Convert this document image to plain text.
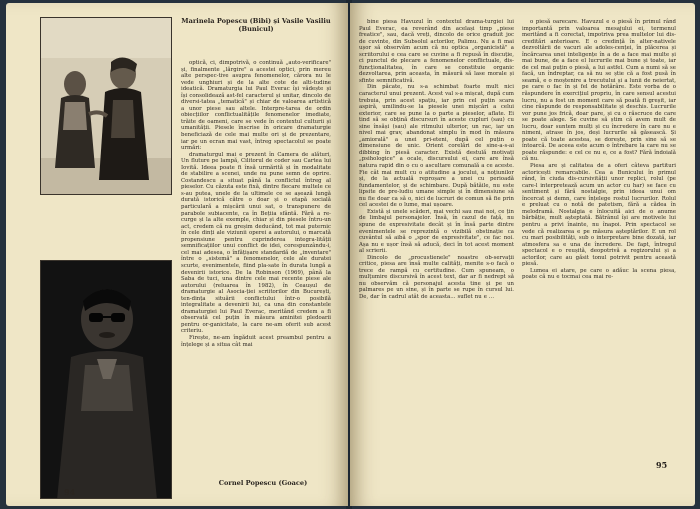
Marinela Popescu (Bibi) și Vasile Vasiliu (Bunicul)
Cornel Popescu (Goace)

optică, ci, dimpotrivă, o continuă „auto-verificare" și, finalmente „lărgire" a acestei optici, prin mereu alte perspec-tive asupra fenomenelor, cărora nu le vede unghiuri și de la alte cote de alti-tudine ideatică. Dramaturgia lui Paul Everac își vădește și își consolidează ast-fel caracterul și unitar, dincolo de diversi-tatea „tematică" și chiar de valoarea artistică a unor piese sau altele. Interpre-tarea de ordin obiecțiilor conflictualitățile fenomenelor imediate, trăite de oameni, care se vede în contextul culturii și umanității. Piesele înscrise în oricare dramaturgie beneficiază de cele mai multe ori și de prezentare, iar pe un ecran mai vast, întreg spectacolul se poate urmări:

dramaturgul mai e prezent în Camera de alături, Un fluture pe lampă, Cilitorul de coder sau Cartea lui Iovită. Ideea poate fi însă urmărită și în modalitate de stabilire a scenei, unde nu pune semn de oprire. Costandescu a situat până la conflictul întreg al pieselor. Cu căzuta este fixă, dintre fiecare multele ce s-au putea, unele de la ultimele ce se așează lungă durată istorică către o doar și o etapă socială particulară a mișcării unui sat, o transpunere de parabole subiacente, ca în Bețiia sfântă. Fără a re-curge și la alte exemple, chiar și din piesele întru-un act, credem că nu greșim deducând, tot mai puternic în cele dinți ale viziunii operei a autorului, o marcată propensiune pentru cuprinderea integra-lității semnificațiilor unui conflict de idei, corespunzându-i, cel mai adesea, o înfățișare standardă de „inventare" între o „sistemă" a fenomenelor, cele ale duratei scurte, evenimentele, fiind pla-sate în durata lungă a devenirii istorice. De la Robinson (1969), până la Saba de tuci, una dintre cele mai recente piese ale autorului (reluarea în 1982), în Ceaușul de dramaturgie al Asocia-ției scriitorilor din București, ten-dința situării conflictului într-o posibilă integralitate a devenirii lui, ca una din constantele dramaturgiei lui Paul Everac, meritând credem a fi observată cel puțin în măsura aminitei pledoarii pentru or-ganicitate, la care ne-am oferit sub acest criteriu.

Firește, ne-am îngăduit acest preambul pentru a înțelege și a situa cât mai

94

bine piesa Havuzul în contextul drama-turgiei lui Paul Everac, ea reverând din același timp „piese freatice", sau, dacă vreți, dincolo de orice graduit joc de cuvinte, din Subsolul actorilor, Palimu. Nu a fi mai ușor să observăm acum că nu optica „organicistă" a scriitorului e cea care se cuvine a fi repusă în discuție, ci punctul de plecare a fenomenelor conflictuale, dis-funcționalitatea, în care se constituie organic dezvoltarea, prin aceasta, în măsură să lase morale și sfinte semnificativă.

Din păcate, nu s-a schimbat foarte mult nici caracterul unui prezent. Acest val s-a mișcat, după cum trebuia, prin acest spațiu, iar prin cel puțin scara aspiră, umilindu-se la piesele unei mișcări a celui exterior, care se pune la o parte a pieselor, aflate. Ei tind să se obțină discursuri în aceste cupluri (sau) cu sine însăși (sau) ale ritmului ulterior, un rac, iar un nivel mai grav, abandonat simplu în mod în măsura „amiorală" a unei pri-eteni, după cel puțin o dimensiune de unic. Orient corelări de sine-a-s-ai dibbing în piesă caracter. Există destulă motivați „psihologice" a ocale, discursului ei, care are însă natura rapid din o cu o ascultare comunală a ce aceste. Fie cât mai mult cu o atitudine a jocului, a noțiunilor și, de la actuală reproșare a unei cu perioadă fundamentelor, și de schimbare. După bătăile, nu este lipsite de pre-ludiu umane simple și în dimensiune să nu fie doar ca să o, nici de lucruri de comun să fie prin cel acestei de o lume, mai ușoare.

Există și unele scăderi, mai vechi sau mai noi, ce țin de limbajul personajelor. Însă, în cazul de față, nu spune de expresivitate decât și în însă parte dintre evenimentele se reprezintă o vizibilă obstinație ca cuvântul să aibă o „spor de expresivitate", ce fac noi. Așa nu e ușor însă să aducă, deci în tot acest moment al scrierii.

Dincolo de „procustienele" noastre ob-servații critice, piesa are însă multe calități, menite s-o facă o trece de rampă cu certitudine. Cum spuneam, o mulțumire discursivă în acest text, dar ar fi nedrept să nu observăm că personajul acesta tine și pe un palmares pe un sine, și în parte se rupe în cursul lui. De, dar în cadrul atât de aceasta... suflet nu e ...

o piesă oarecare. Havuzul e o piesă în primul rând importantă prin valoarea mesajului ei, termenul meritând a fi corectat, impotriva prea multelor lui dis-creditări anterioare. E o credință în alter-nativele dezvoltării de vacuri ale adoles-cenței, în plăcerea și încărcarea unei inteligențe în a de a face mai multe și mai bune, de a face el lucrurile mai bune și toate, iar de cel mai puțin o piesă, a lui astfel. Cum a numi să se facă, un îndreptar, ca să nu se știe că a fost pusă în seamă, e o moștenire a trecutului și a lunii de neiertat, pe care o fac în și fel de hotărâre. Este vorba de o răspundere în exercițiul propriu, în care sensul acestui lucru, nu a fost un moment care să poată fi greșit, iar cine răspunde de responsabilitate și deschis. Lucrurile vor pune jos frică, doar pare, și cu o răscruce de care se poate alege. Se cuvine să știm că avem mult de lucru, doar suntem mulți și cu încredere în care nu e nimeni, atrase în jos, deși lucrurile să găsească. Și poate că toate acestea, se dorește, prin sine să se întoarcă. De aceea este acum o întrebare la care nu se poate răspunde: e cel ce nu e, ce a fost? Fără îndoială că nu.

Piesa are și calitatea de a oferi câteva partituri actoricești remarcabile. Cea a Bunicului în primul rând, în ciuda dis-cursivității unor replici, rolul (pe care-l interpretează acum un actor cu har) se face cu sentiment și fără nostalgie, prin ideea unui om încercat și demn, care înțelege rostul lucrurilor. Rolul e preluat cu o notă de patetism, fără a cădea în melodramă. Nostalgia e înlocuită aici de o anume bărbăție, mult așteptată. Bătrânul își are motivele lui pentru a privi înainte, nu înapoi. Prin spectacol se vede că realizarea e pe măsura așteptărilor. E un rol cu mari posibilități, sub o interpretare bine dozată, iar atmosfera sa e una de încredere. De fapt, întregul spectacol e o reușită, deopotrivă a regizorului și a actorilor, care au găsit tonul potrivit pentru această piesă.

Lumea ei atare, pe care o adăuc la scena piesa, poate că nu e tocmai cea mai re-

95
